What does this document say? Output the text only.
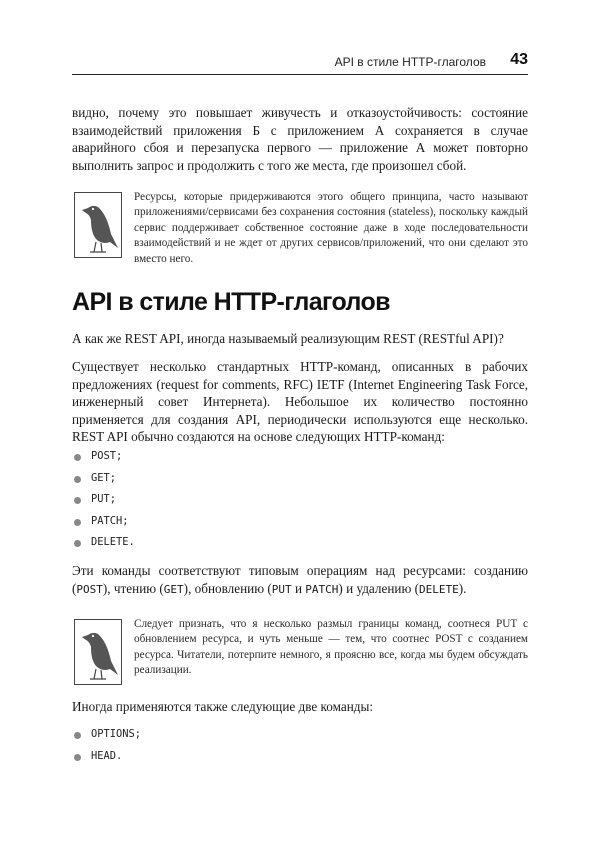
API в стиле HTTP-глаголов 43

видно, почему это повышает живучесть и отказоустойчивость: состояние взаимодействий приложения Б с приложением А сохраняется в случае аварийного сбоя и перезапуска первого — приложение А может повторно выполнить запрос и продолжить с того же места, где произошел сбой.

Ресурсы, которые придерживаются этого общего принципа, часто называют приложениями/сервисами без сохранения состояния (stateless), поскольку каждый сервис поддерживает собственное состояние даже в ходе последовательности взаимодействий и не ждет от других сервисов/приложений, что они сделают это вместо него.

API в стиле HTTP-глаголов

А как же REST API, иногда называемый реализующим REST (RESTful API)?

Существует несколько стандартных HTTP-команд, описанных в рабочих предложениях (request for comments, RFC) IETF (Internet Engineering Task Force, инженерный совет Интернета). Небольшое их количество постоянно применяется для создания API, периодически используются еще несколько. REST API обычно создаются на основе следующих HTTP-команд:

POST;
GET;
PUT;
PATCH;
DELETE.

Эти команды соответствуют типовым операциям над ресурсами: созданию (POST), чтению (GET), обновлению (PUT и PATCH) и удалению (DELETE).

Следует признать, что я несколько размыл границы команд, соотнеся PUT с обновлением ресурса, и чуть меньше — тем, что соотнес POST с созданием ресурса. Читатели, потерпите немного, я проясню все, когда мы будем обсуждать реализации.

Иногда применяются также следующие две команды:

OPTIONS;
HEAD.
